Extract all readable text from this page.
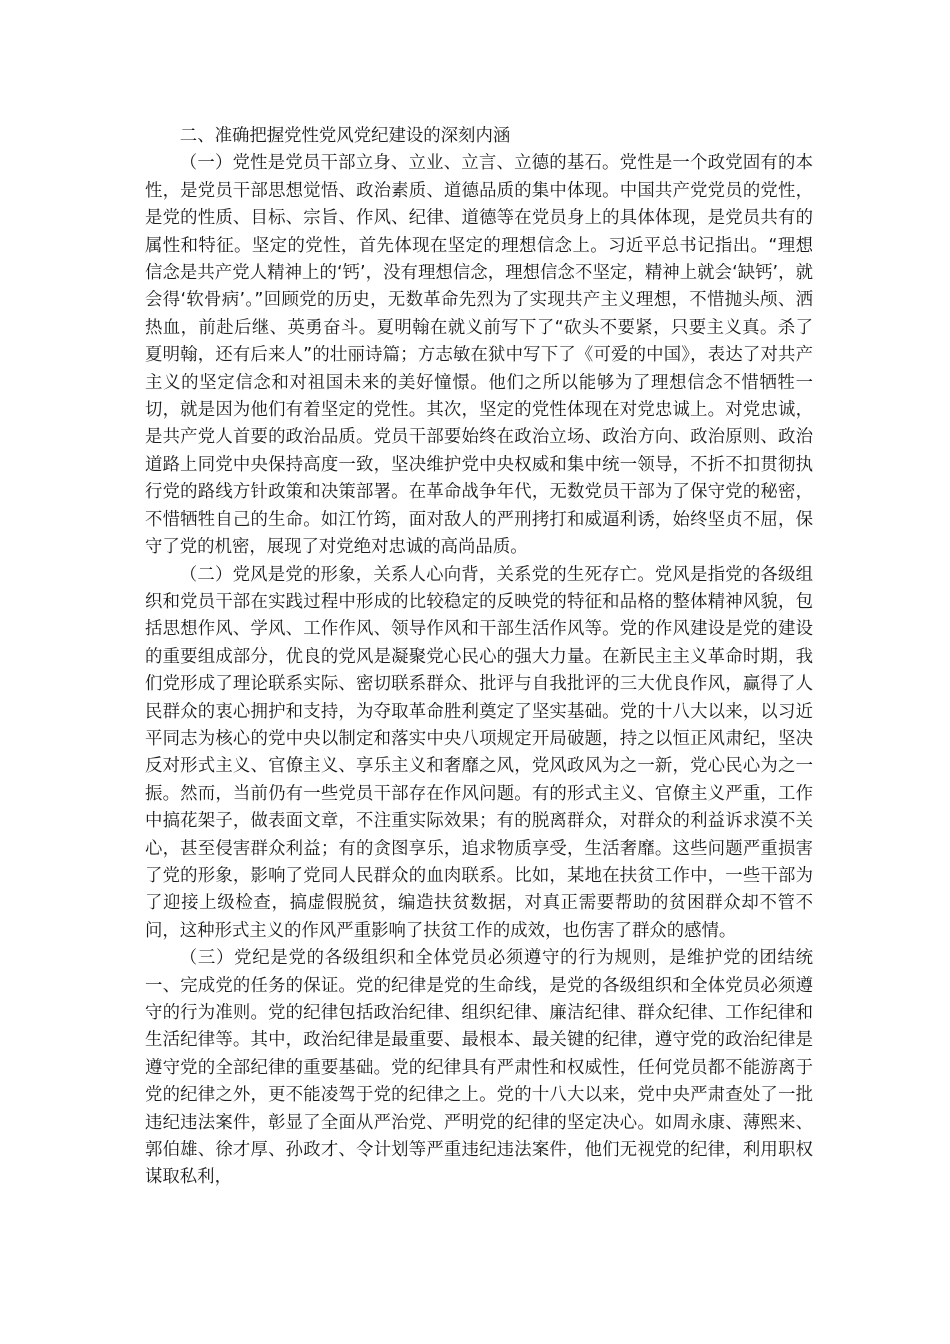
二、准确把握党性党风党纪建设的深刻内涵

（一）党性是党员干部立身、立业、立言、立德的基石。党性是一个政党固有的本性，是党员干部思想觉悟、政治素质、道德品质的集中体现。中国共产党党员的党性，是党的性质、目标、宗旨、作风、纪律、道德等在党员身上的具体体现，是党员共有的属性和特征。坚定的党性，首先体现在坚定的理想信念上。习近平总书记指出。“理想信念是共产党人精神上的‘钙’，没有理想信念，理想信念不坚定，精神上就会‘缺钙’，就会得‘软骨病’。”回顾党的历史，无数革命先烈为了实现共产主义理想，不惜抛头颅、洒热血，前赴后继、英勇奋斗。夏明翰在就义前写下了“砍头不要紧，只要主义真。杀了夏明翰，还有后来人”的壮丽诗篇；方志敏在狱中写下了《可爱的中国》，表达了对共产主义的坚定信念和对祖国未来的美好憧憬。他们之所以能够为了理想信念不惜牺牲一切，就是因为他们有着坚定的党性。其次，坚定的党性体现在对党忠诚上。对党忠诚，是共产党人首要的政治品质。党员干部要始终在政治立场、政治方向、政治原则、政治道路上同党中央保持高度一致，坚决维护党中央权威和集中统一领导，不折不扣贯彻执行党的路线方针政策和决策部署。在革命战争年代，无数党员干部为了保守党的秘密，不惜牺牲自己的生命。如江竹筠，面对敌人的严刑拷打和威逼利诱，始终坚贞不屈，保守了党的机密，展现了对党绝对忠诚的高尚品质。

（二）党风是党的形象，关系人心向背，关系党的生死存亡。党风是指党的各级组织和党员干部在实践过程中形成的比较稳定的反映党的特征和品格的整体精神风貌，包括思想作风、学风、工作作风、领导作风和干部生活作风等。党的作风建设是党的建设的重要组成部分，优良的党风是凝聚党心民心的强大力量。在新民主主义革命时期，我们党形成了理论联系实际、密切联系群众、批评与自我批评的三大优良作风，赢得了人民群众的衷心拥护和支持，为夺取革命胜利奠定了坚实基础。党的十八大以来，以习近平同志为核心的党中央以制定和落实中央八项规定开局破题，持之以恒正风肃纪，坚决反对形式主义、官僚主义、享乐主义和奢靡之风，党风政风为之一新，党心民心为之一振。然而，当前仍有一些党员干部存在作风问题。有的形式主义、官僚主义严重，工作中搞花架子，做表面文章，不注重实际效果；有的脱离群众，对群众的利益诉求漠不关心，甚至侵害群众利益；有的贪图享乐，追求物质享受，生活奢靡。这些问题严重损害了党的形象，影响了党同人民群众的血肉联系。比如，某地在扶贫工作中，一些干部为了迎接上级检查，搞虚假脱贫，编造扶贫数据，对真正需要帮助的贫困群众却不管不问，这种形式主义的作风严重影响了扶贫工作的成效，也伤害了群众的感情。

（三）党纪是党的各级组织和全体党员必须遵守的行为规则，是维护党的团结统一、完成党的任务的保证。党的纪律是党的生命线，是党的各级组织和全体党员必须遵守的行为准则。党的纪律包括政治纪律、组织纪律、廉洁纪律、群众纪律、工作纪律和生活纪律等。其中，政治纪律是最重要、最根本、最关键的纪律，遵守党的政治纪律是遵守党的全部纪律的重要基础。党的纪律具有严肃性和权威性，任何党员都不能游离于党的纪律之外，更不能凌驾于党的纪律之上。党的十八大以来，党中央严肃查处了一批违纪违法案件，彰显了全面从严治党、严明党的纪律的坚定决心。如周永康、薄熙来、郭伯雄、徐才厚、孙政才、令计划等严重违纪违法案件，他们无视党的纪律，利用职权谋取私利，
